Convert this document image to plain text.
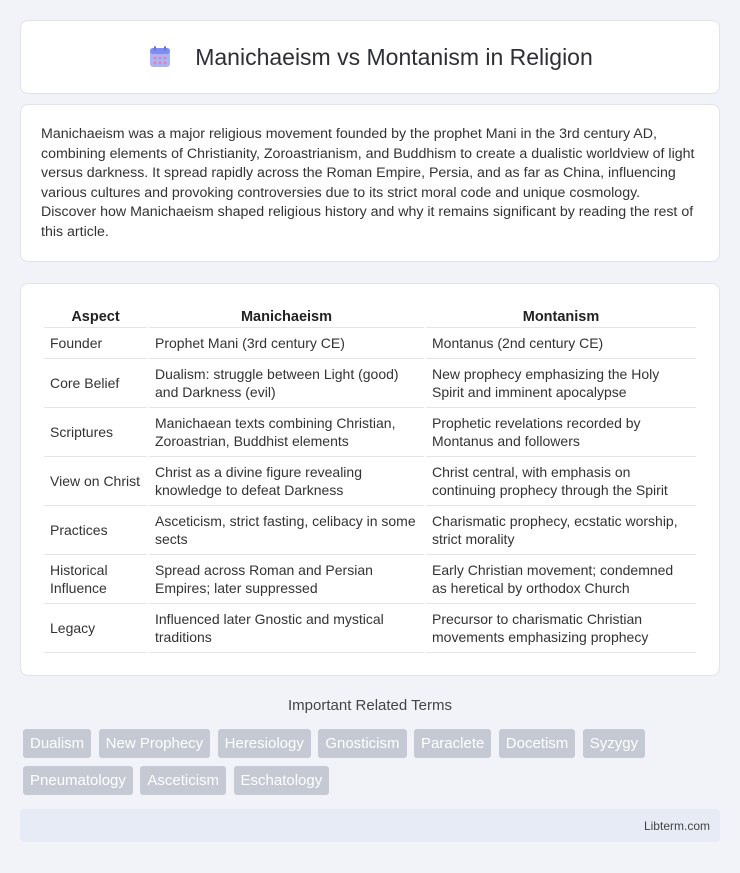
Manichaeism vs Montanism in Religion

Manichaeism was a major religious movement founded by the prophet Mani in the 3rd century AD, combining elements of Christianity, Zoroastrianism, and Buddhism to create a dualistic worldview of light versus darkness. It spread rapidly across the Roman Empire, Persia, and as far as China, influencing various cultures and provoking controversies due to its strict moral code and unique cosmology. Discover how Manichaeism shaped religious history and why it remains significant by reading the rest of this article.

Aspect	Manichaeism	Montanism
Founder	Prophet Mani (3rd century CE)	Montanus (2nd century CE)
Core Belief	Dualism: struggle between Light (good) and Darkness (evil)	New prophecy emphasizing the Holy Spirit and imminent apocalypse
Scriptures	Manichaean texts combining Christian, Zoroastrian, Buddhist elements	Prophetic revelations recorded by Montanus and followers
View on Christ	Christ as a divine figure revealing knowledge to defeat Darkness	Christ central, with emphasis on continuing prophecy through the Spirit
Practices	Asceticism, strict fasting, celibacy in some sects	Charismatic prophecy, ecstatic worship, strict morality
Historical Influence	Spread across Roman and Persian Empires; later suppressed	Early Christian movement; condemned as heretical by orthodox Church
Legacy	Influenced later Gnostic and mystical traditions	Precursor to charismatic Christian movements emphasizing prophecy
Important Related Terms
Dualism New Prophecy Heresiology Gnosticism Paraclete Docetism Syzygy Pneumatology Asceticism Eschatology
Libterm.com
